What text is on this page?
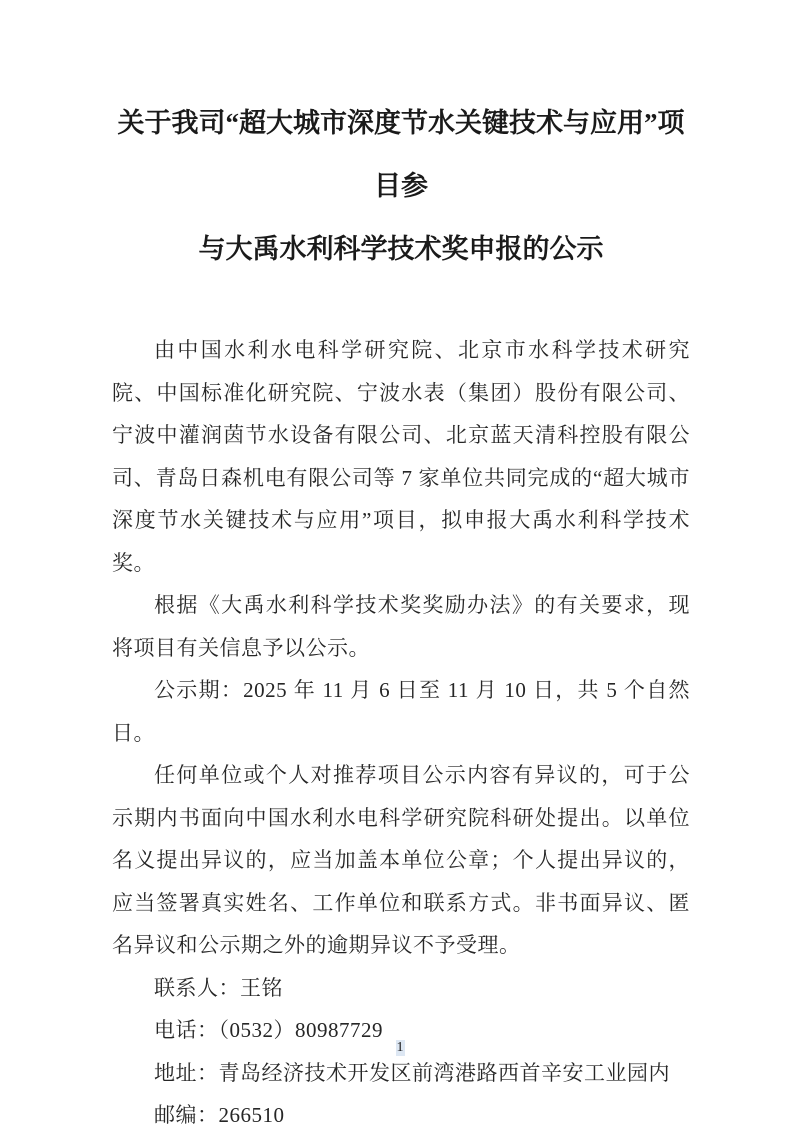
关于我司“超大城市深度节水关键技术与应用”项目参
与大禹水利科学技术奖申报的公示

由中国水利水电科学研究院、北京市水科学技术研究院、中国标准化研究院、宁波水表（集团）股份有限公司、宁波中灌润茵节水设备有限公司、北京蓝天清科控股有限公司、青岛日森机电有限公司等 7 家单位共同完成的“超大城市深度节水关键技术与应用”项目，拟申报大禹水利科学技术奖。

根据《大禹水利科学技术奖奖励办法》的有关要求，现将项目有关信息予以公示。

公示期：2025 年 11 月 6 日至 11 月 10 日，共 5 个自然日。

任何单位或个人对推荐项目公示内容有异议的，可于公示期内书面向中国水利水电科学研究院科研处提出。以单位名义提出异议的，应当加盖本单位公章；个人提出异议的，应当签署真实姓名、工作单位和联系方式。非书面异议、匿名异议和公示期之外的逾期异议不予受理。

联系人：王铭

电话：（0532）80987729

地址：青岛经济技术开发区前湾港路西首辛安工业园内

邮编：266510

1
